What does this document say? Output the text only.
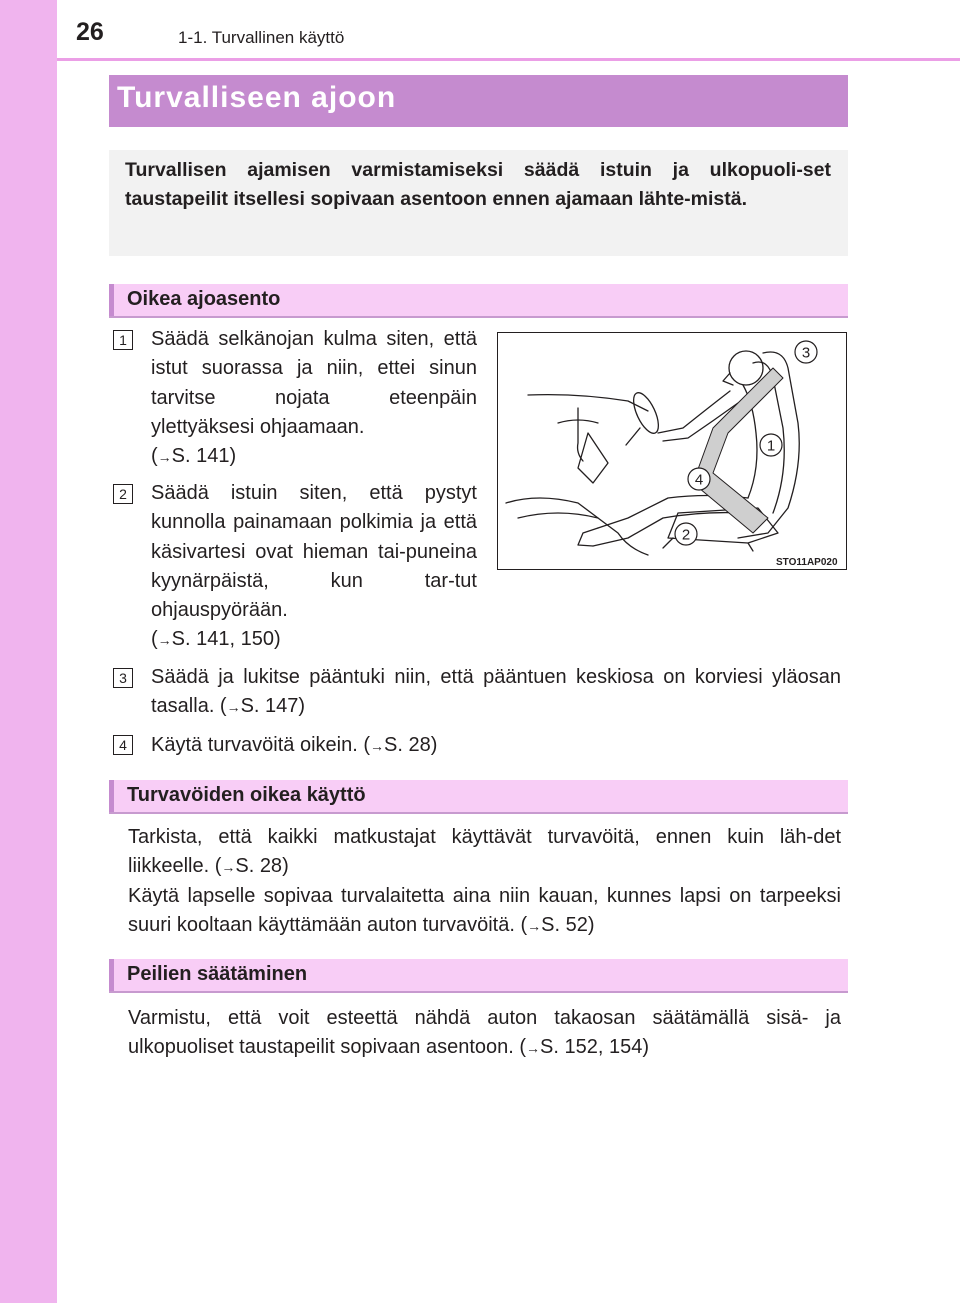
26	1-1. Turvallinen käyttö
Turvalliseen ajoon
Turvallisen ajamisen varmistamiseksi säädä istuin ja ulkopuoli-set taustapeilit itsellesi sopivaan asentoon ennen ajamaan lähte-mistä.
Oikea ajoasento
1	Säädä selkänojan kulma siten, että istut suorassa ja niin, ettei sinun tarvitse nojata eteenpäin ylettyäksesi ohjaamaan.
(→S. 141)
2	Säädä istuin siten, että pystyt kunnolla painamaan polkimia ja että käsivartesi ovat hieman tai-puneina kyynärpäistä, kun tar-tut ohjauspyörään.
(→S. 141, 150)
3	Säädä ja lukitse pääntuki niin, että pääntuen keskiosa on korviesi yläosan tasalla. (→S. 147)
4	Käytä turvavöitä oikein. (→S. 28)
3
1
2
4
STO11AP020
Turvavöiden oikea käyttö
Tarkista, että kaikki matkustajat käyttävät turvavöitä, ennen kuin läh-det liikkeelle. (→S. 28)
Käytä lapselle sopivaa turvalaitetta aina niin kauan, kunnes lapsi on tarpeeksi suuri kooltaan käyttämään auton turvavöitä. (→S. 52)
Peilien säätäminen
Varmistu, että voit esteettä nähdä auton takaosan säätämällä sisä- ja ulkopuoliset taustapeilit sopivaan asentoon. (→S. 152, 154)
